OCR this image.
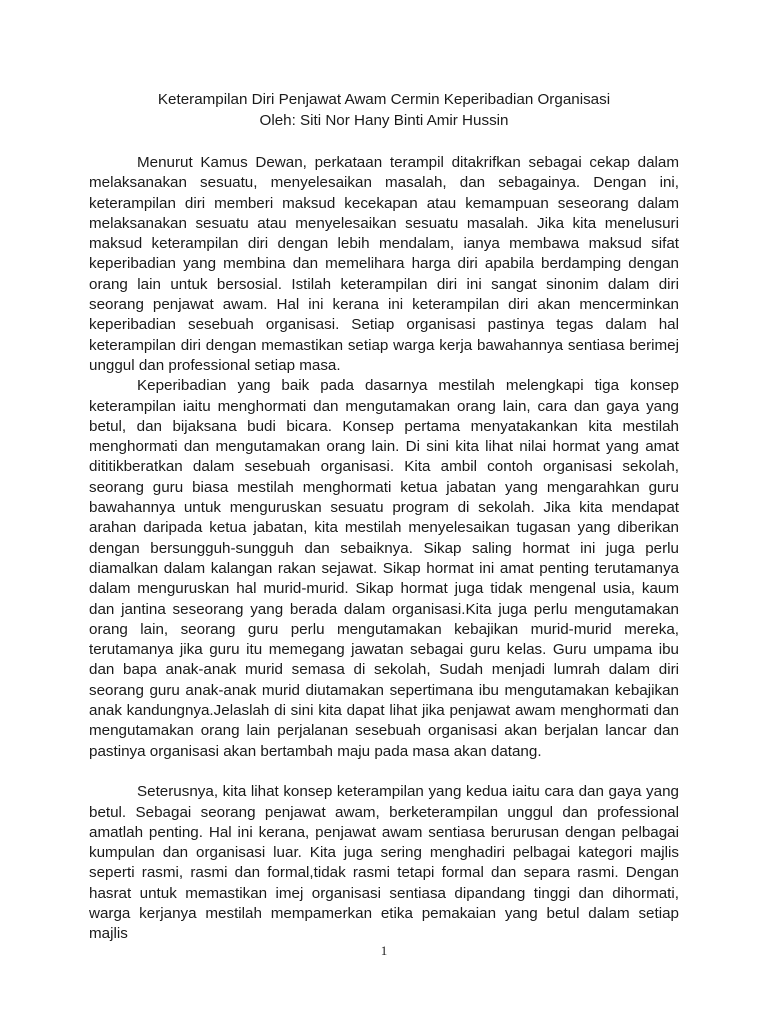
Keterampilan Diri Penjawat Awam Cermin Keperibadian Organisasi
Oleh: Siti Nor Hany Binti Amir Hussin

Menurut Kamus Dewan, perkataan terampil ditakrifkan sebagai cekap dalam melaksanakan sesuatu, menyelesaikan masalah, dan sebagainya. Dengan ini, keterampilan diri memberi maksud kecekapan atau kemampuan seseorang dalam melaksanakan sesuatu atau menyelesaikan sesuatu masalah. Jika kita menelusuri maksud keterampilan diri dengan lebih mendalam, ianya membawa maksud sifat keperibadian yang membina dan memelihara harga diri apabila berdamping dengan orang lain untuk bersosial. Istilah keterampilan diri ini sangat sinonim dalam diri seorang penjawat awam. Hal ini kerana ini keterampilan diri akan mencerminkan keperibadian sesebuah organisasi. Setiap organisasi pastinya tegas dalam hal keterampilan diri dengan memastikan setiap warga kerja bawahannya sentiasa berimej unggul dan professional setiap masa.

Keperibadian yang baik pada dasarnya mestilah melengkapi tiga konsep keterampilan iaitu menghormati dan mengutamakan orang lain, cara dan gaya yang betul, dan bijaksana budi bicara. Konsep pertama menyatakankan kita mestilah menghormati dan mengutamakan orang lain. Di sini kita lihat nilai hormat yang amat dititikberatkan dalam sesebuah organisasi. Kita ambil contoh organisasi sekolah, seorang guru biasa mestilah menghormati ketua jabatan yang mengarahkan guru bawahannya untuk menguruskan sesuatu program di sekolah. Jika kita mendapat arahan daripada ketua jabatan, kita mestilah menyelesaikan tugasan yang diberikan dengan bersungguh-sungguh dan sebaiknya. Sikap saling hormat ini juga perlu diamalkan dalam kalangan rakan sejawat. Sikap hormat ini amat penting terutamanya dalam menguruskan hal murid-murid. Sikap hormat juga tidak mengenal usia, kaum dan jantina seseorang yang berada dalam organisasi.Kita juga perlu mengutamakan orang lain, seorang guru perlu mengutamakan kebajikan murid-murid mereka, terutamanya jika guru itu memegang jawatan sebagai guru kelas. Guru umpama ibu dan bapa anak-anak murid semasa di sekolah, Sudah menjadi lumrah dalam diri seorang guru anak-anak murid diutamakan sepertimana ibu mengutamakan kebajikan anak kandungnya.Jelaslah di sini kita dapat lihat jika penjawat awam menghormati dan mengutamakan orang lain perjalanan sesebuah organisasi akan berjalan lancar dan pastinya organisasi akan bertambah maju pada masa akan datang.

Seterusnya, kita lihat konsep keterampilan yang kedua iaitu cara dan gaya yang betul. Sebagai seorang penjawat awam, berketerampilan unggul dan professional amatlah penting. Hal ini kerana, penjawat awam sentiasa berurusan dengan pelbagai kumpulan dan organisasi luar. Kita juga sering menghadiri pelbagai kategori majlis seperti rasmi, rasmi dan formal,tidak rasmi tetapi formal dan separa rasmi. Dengan hasrat untuk memastikan imej organisasi sentiasa dipandang tinggi dan dihormati, warga kerjanya mestilah mempamerkan etika pemakaian yang betul dalam setiap majlis

1
